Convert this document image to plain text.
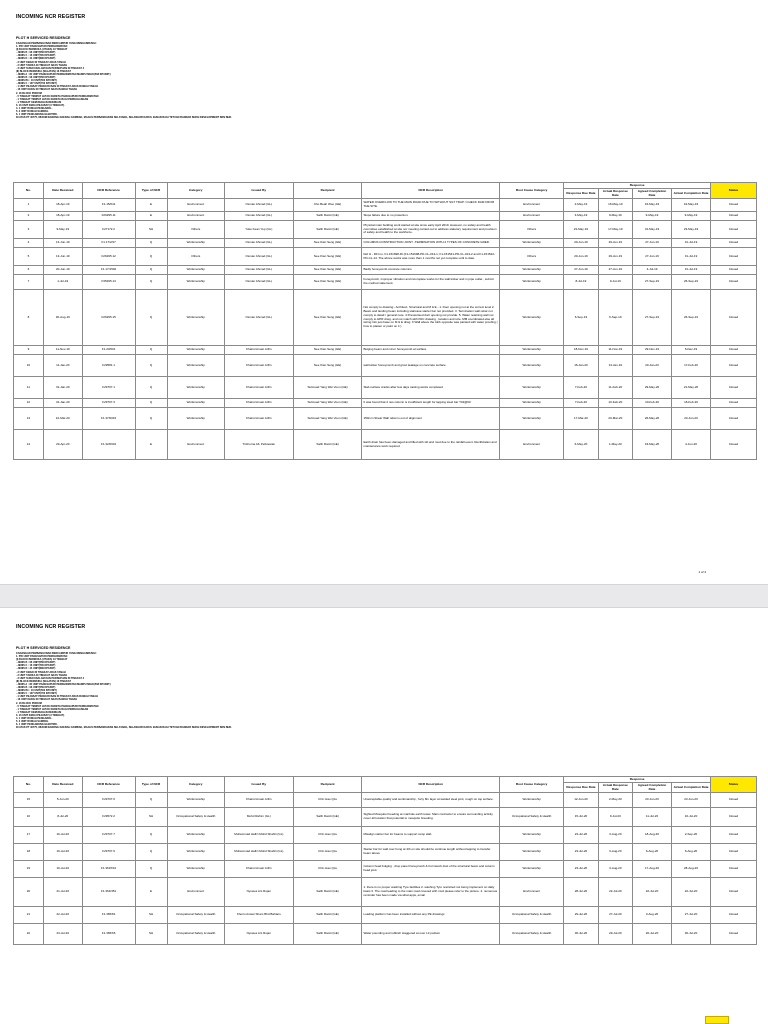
INCOMING NCR REGISTER
PLOT H SERVICED RESIDENCE
CADANGAN PEMBANGUNAN BERCAMPUR YANG MENGANDUNGI:
1. 555 UNIT PANGSAPURI PERKHIDMATAN
(I) BLOCK BERMUKA (UTARA) 16 TINGKAT
- JENIS B : 96 UNIT(558 KP/UNIT)
- JENIS C : 16 UNIT(700 KP/UNIT)
- JENIS D : 44 UNIT(898 KP/UNIT)
- 2 UNIT KEDAI DI TINGKAT ARAS TANAH
- 2 UNIT TADIKA DI TINGKAT ARAS TANAH
- 3 UNIT SURAU/DALAM DAN PERSEPUAN DI TINGKAT 4
(II) BLOCK BERMUKA (SELATAN) 16 TINGKAT
- JENIS A : 36 UNIT PANGSAPURI PERKHIDMATAN MAMPU MILIK(508 KP/UNIT)
- JENIS B : 96 UNIT(558 KP/UNIT)
- JENIS B1 : 16 UNIT(500 KP/UNIT)
- JENIS C : 107 UNIT(700 KP/UNIT)
- 1 UNIT PEJABAT PENGURUSAN DI TINGKAT ARAS BAWAH TANAH
- 16 UNIT KEDAI DI TINGKAT ARAS BAWAH TANAH
2. 18 BLOCK PODIUM
- 5 TINGKAT TEMPAT LETAK KERETA PANGSAPURI PERKHIDMATAN
- 1 TINGKAT TEMPAT LETAK KERETA BAGI PERDAGANGAN
- 1 TINGKAT KEMUDAHAN REKREASI
3. 16 UNIT KEDAI PEJABAT (3 TINGKAT).
4. 1 UNIT RUMAH PENGAWAL.
5. 2 UNIT RUMAH SAMPAH.
6. 1 UNIT PENCAWANG ELEKTRIK.
DI ATAS PT 40775, MUKIM RAWANG DAERAH GOMBAK, MAJLIS PERBANDARAN SELAYANG, SELANGOR DARUL EHSAN BAGI TETUAN BANDAR SERAI DEVELOPMENT SDN BHD.
No.	Date Received	NCR Reference	Type of NCR	Category	Issued By	Recipient	NCR Description	Root Cause Category	Response				Status
									Response Due Date	Actual Response Date	Agreed Completion Date	Actual Completion Date	
1	18-Apr-19	F1.15/041	E	Environment	Osman Ahmad (GL)	Cho Beah Woo (GE)	WATER OVERFLOW TO THE MAIN ROAD DUE TO WITHOUT SILT TRAP / CHECK DAM FROM THE SITE.	Environment	2-May-19	16-May-19	16-May-19	16-May-19	Closed
2	18-Apr-19	F26295.11	E	Environment	Osman Ahmad (GL)	Salih Ramli (GE)	Slope failure due to no protection.	Environment	3-May-19	9-May-19	9-May-19	9-May-19	Closed
3	9-May-19	F27172.2	SH	Others	Yoke Kean Yep (GL)	Salih Ramli (GE)	Physical main building work started at site since early April 2019. However, no safety and health committee established at site nor meeting carried out to address statutory requirement and provision of safety and health to the workforce.	Others	23-May-19	17-May-19	31-May-19	23-May-19	Closed
4	13-Jun-19	F1.17/2/27	Q	Workmanship	Osman Ahmad (GL)	Nee Kian Seng (GE)	COLUMNS CONSTRUCTION JOINT -TERMINATION WITH 2 TYPES OF CONCRETE GRED.	Workmanship	20-Jun-19	29-Jun-19	27-Jun-19	31-Jul-19	Closed
5	13-Jun-19	F26295.12	Q	Others	Osman Ahmad (GL)	Nee Kian Seng (GE)	Ref H - RFI no. F1.151698-ID (F1-151698-PD-CL-013-1; F1-151541-PD-CL-013-2 and F1-151542-PD-CL-14. The above works was more than 1 months not yet complete until to date.	Others	20-Jun-19	29-Jun-19	27-Jun-19	31-Jul-19	Closed
6	20-Jun-19	F1.17/1502	Q	Workmanship	Osman Ahmad (GL)	Nee Kian Seng (GE)	Badly honeycomb concrete columns	Workmanship	27-Jun-19	27-Jun-19	4-Jul-19	31-Jul-19	Closed
7	1-Jul-19	F35295.13	Q	Workmanship	Osman Ahmad (GL)	Nee Kian Seng (GE)	honeycomb, improper vibration and incomplete works for the wall kicker and m pipe outlet , submit the method statement.	Workmanship	8-Jul-19	9-Jul-19	27-Sep-19	26-Sep-19	Closed
8	30-Aug-19	F26295.15	Q	Workmanship	Osman Ahmad (GL)	Nee Kian Seng (GE)	Not comply to drawing:- Architect, Structural and M & E - 1. Door opening not at the correct level 2. Beam and landing beam including staircase starter bar not provided. 3. Termination wall rebar not comply to detail / general note. 4 Pressurised duct opening not provide. 5. Water retaining wall not comply to HPR drwg. and not match with PAC drawing , location and size. MM coordinated else all wiring info just base on M & E drwg. 6 Wall above the lobb opposite was painted with water proofing ( how to plaster or paint on it ).	Workmanship	6-Sep-19	6-Sep-19	27-Sep-19	26-Sep-19	Closed
9	11-Nov-19	F1.23/001	Q	Workmanship	Khairul Anuar Arifin	Nee Kian Seng (GE)	Bulging beam and minor honeycomb at surface	Workmanship	18-Nov-19	11-Nov-19	29-Nov-19	6-Dec-19	Closed
10	11-Jan-20	F29581.1	Q	Workmanship	Khairul Anuar Arifin	Nee Kian Seng (GE)	wall kicker honeycomb and grout leakage on concrete surface	Workmanship	16-Jan-20	13-Jan-19	20-Jan-20	17-Feb-20	Closed
11	31-Jan-20	F29707.1	Q	Workmanship	Khairul Anuar Arifin	Sulmuad Yang Wei Voon (GE)	Slab surface cracks after few days casting works completed	Workmanship	7-Feb-20	11-Feb-20	29-May-20	21-May-20	Closed
12	31-Jan-20	F29707.3	Q	Workmanship	Khairul Anuar Arifin	Sulmuad Yang Wei Voon (GE)	It was found that 2 nos column is insufficient length for lapping steel bar T32@60	Workmanship	7-Feb-20	10-Feb-20	10-Feb-20	16-Feb-20	Closed
13	10-Mar-20	F1.37/0016	Q	Workmanship	Khairul Anuar Arifin	Sulmuad Yang Wei Voon (GE)	150mm Shear Wall rebar is out of alignment	Workmanship	17-Mar-20	20-Mar-20	26-May-20	23-Jun-20	Closed
14	29-Apr-20	F1.32/0601	E	Environment	Tirshorna A/L Pellusaran	Salih Ramli (GE)	Earth drain has been damaged and filled with silt and mud due to the rainfall event. Rectification and maintenance work required	Environment	6-May-20	1-May-20	19-May-20	4-Jun-20	Closed
1 of 4
INCOMING NCR REGISTER
PLOT H SERVICED RESIDENCE
CADANGAN PEMBANGUNAN BERCAMPUR YANG MENGANDUNGI:
1. 555 UNIT PANGSAPURI PERKHIDMATAN
(I) BLOCK BERMUKA (UTARA) 16 TINGKAT
- JENIS B : 96 UNIT(558 KP/UNIT)
- JENIS C : 16 UNIT(700 KP/UNIT)
- JENIS D : 44 UNIT(898 KP/UNIT)
- 2 UNIT KEDAI DI TINGKAT ARAS TANAH
- 2 UNIT TADIKA DI TINGKAT ARAS TANAH
- 3 UNIT SURAU/DALAM DAN PERSEPUAN DI TINGKAT 4
(II) BLOCK BERMUKA (SELATAN) 16 TINGKAT
- JENIS A : 36 UNIT PANGSAPURI PERKHIDMATAN MAMPU MILIK(508 KP/UNIT)
- JENIS B : 96 UNIT(558 KP/UNIT)
- JENIS B1 : 16 UNIT(500 KP/UNIT)
- JENIS C : 107 UNIT(700 KP/UNIT)
- 1 UNIT PEJABAT PENGURUSAN DI TINGKAT ARAS BAWAH TANAH
- 16 UNIT KEDAI DI TINGKAT ARAS BAWAH TANAH
2. 18 BLOCK PODIUM
- 5 TINGKAT TEMPAT LETAK KERETA PANGSAPURI PERKHIDMATAN
- 1 TINGKAT TEMPAT LETAK KERETA BAGI PERDAGANGAN
- 1 TINGKAT KEMUDAHAN REKREASI
3. 16 UNIT KEDAI PEJABAT (3 TINGKAT).
4. 1 UNIT RUMAH PENGAWAL.
5. 2 UNIT RUMAH SAMPAH.
6. 1 UNIT PENCAWANG ELEKTRIK.
DI ATAS PT 40775, MUKIM RAWANG DAERAH GOMBAK, MAJLIS PERBANDARAN SELAYANG, SELANGOR DARUL EHSAN BAGI TETUAN BANDAR SERAI DEVELOPMENT SDN BHD.
No.	Date Received	NCR Reference	Type of NCR	Category	Issued By	Recipient	NCR Description	Root Cause Category	Response				Status
									Response Due Date	Actual Response Date	Agreed Completion Date	Actual Completion Date	
15	5-Jun-20	F29707.6	Q	Workmanship	Khairul Anuar Arifin	Chin Hao Qze	Unacceptable quality and workmanship , forty 8m layer at welded steel joint, rough on top surface.	Workmanship	12-Jun-20	2-May-20	23-Jun-20	23-Jun-20	Closed
16	8-Jul-20	F29572.2	SH	Occupational Safety & Health	Mohd Rahim (GL)	Salih Ramli (GE)	Sighted Mosquito breeding at manhole earth tower. Main contractor to ensure surrounding activity cover all location that potential to mosquito breeding.	Occupational Safety & Health	15-Jul-20	9-Jul-20	11-Jul-20	16-Jul-20	Closed
17	16-Jul-20	F29707.7	Q	Workmanship	Muhammad Hafizi Mohd Shafizi (GL)	Chin Hao Qze	Misalign starter bar for beams to support ramp slab.	Workmanship	23-Jul-20	3-Aug-20	18-Aug-20	2-Sep-20	Closed
18	16-Jul-20	F29707.9	Q	Workmanship	Muhammad Hafizi Mohd Shafizi (GL)	Chin Hao Qze	Starter bar for wall over hung at 4th on site should be continue length without lapping to transfer beam above	Workmanship	23-Jul-20	3-Aug-20	6-Aug-20	6-Aug-20	Closed
19	16-Jul-20	F1.3615/10	Q	Workmanship	Khairul Anuar Arifin	Chin Hao Qze	Column head bulging , drop panel honeycomb & Formwork dust of the structural beam and column head joint.	Workmanship	23-Jul-20	3-Aug-20	17-Aug-20	28-Aug-20	Closed
20	21-Jul-20	F1.364/351	E	Environment	Nyowes A/L Rojan	Salih Ramli (GE)	1. there is no proper washing Tyre facilities 2. washing Tyre restricted not being implement on daily basis 3. The road leading to the main road covered with mud please refer to the picture. 4. numerous reminder has been made via what apps, email	Environment	28-Jul-20	22-Jul-20	22-Jul-20	22-Jul-20	Closed
21	22-Jul-20	F1.365/81	SH	Occupational Safety & Health	Khoiru Anwar Sham Bhd Bahtars	Salih Ramli (GE)	Loading platform has been installed without any PE drawings	Occupational Safety & Health	29-Jul-20	27-Jul-20	3-Aug-20	27-Jul-20	Closed
22	23-Jul-20	F1.365/66	SH	Occupational Safety & Health	Nyowes A/L Rojan	Salih Ramli (GE)	Water pounding and rubbish staggered at over L3 podium	Occupational Safety & Health	30-Jul-20	29-Jul-20	26-Jul-20	30-Jul-20	Closed
